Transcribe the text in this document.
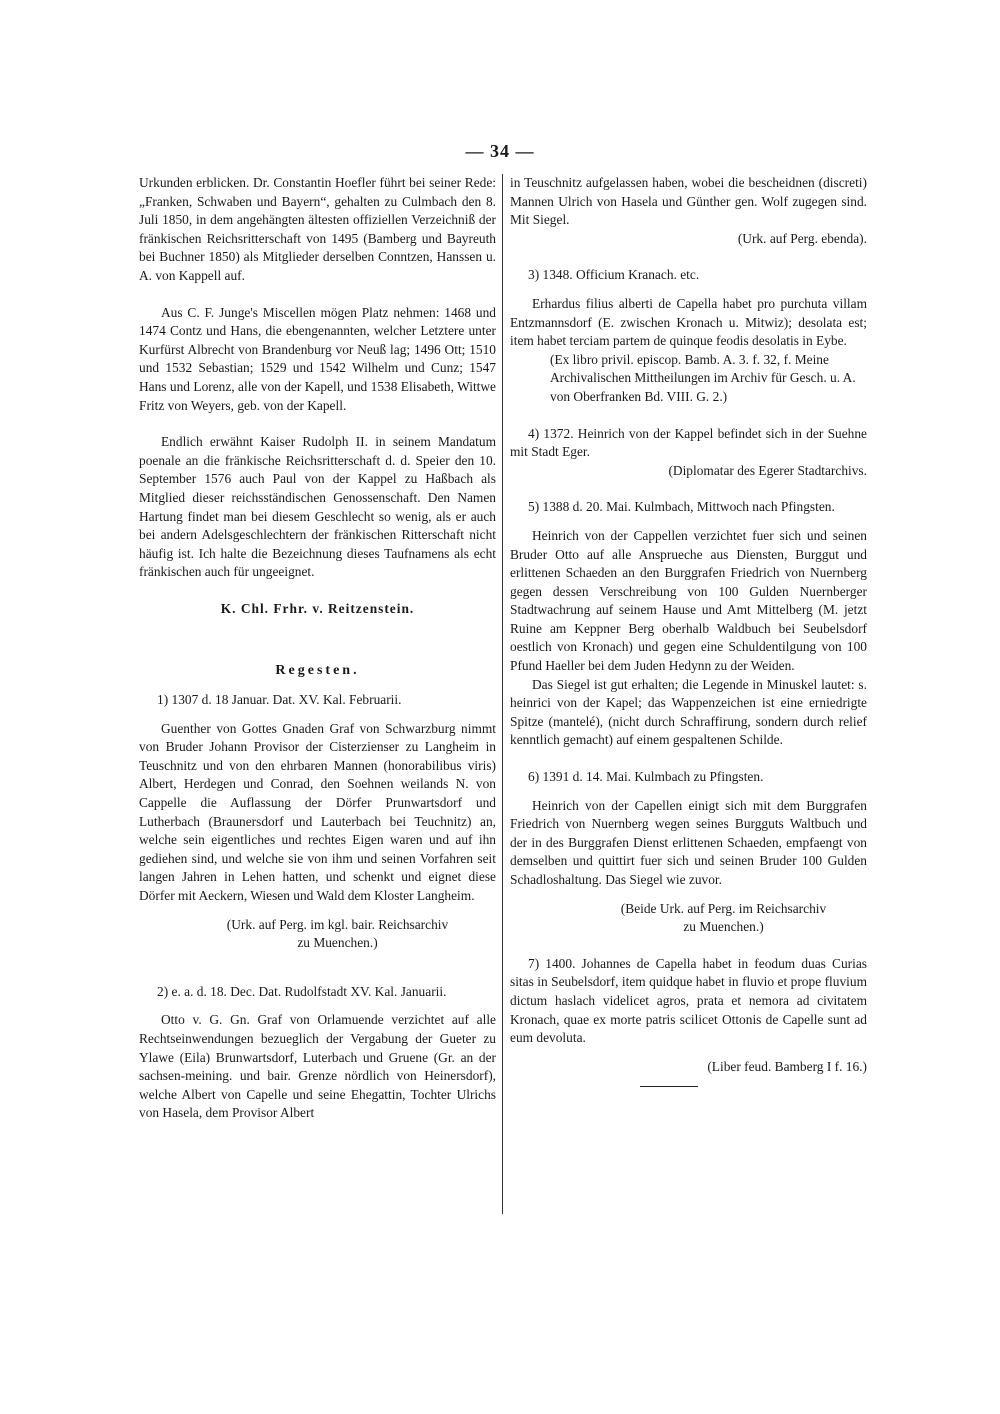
— 34 —

Urkunden erblicken. Dr. Constantin Hoefler führt bei seiner Rede: „Franken, Schwaben und Bayern“, gehalten zu Culmbach den 8. Juli 1850, in dem angehängten ältesten offiziellen Verzeichniß der fränkischen Reichsritterschaft von 1495 (Bamberg und Bayreuth bei Buchner 1850) als Mitglieder derselben Conntzen, Hanssen u. A. von Kappell auf.

Aus C. F. Junge's Miscellen mögen Platz nehmen: 1468 und 1474 Contz und Hans, die ebengenannten, welcher Letztere unter Kurfürst Albrecht von Brandenburg vor Neuß lag; 1496 Ott; 1510 und 1532 Sebastian; 1529 und 1542 Wilhelm und Cunz; 1547 Hans und Lorenz, alle von der Kapell, und 1538 Elisabeth, Wittwe Fritz von Weyers, geb. von der Kapell.

Endlich erwähnt Kaiser Rudolph II. in seinem Mandatum poenale an die fränkische Reichsritterschaft d. d. Speier den 10. September 1576 auch Paul von der Kappel zu Haßbach als Mitglied dieser reichsständischen Genossenschaft. Den Namen Hartung findet man bei diesem Geschlecht so wenig, als er auch bei andern Adelsgeschlechtern der fränkischen Ritterschaft nicht häufig ist. Ich halte die Bezeichnung dieses Taufnamens als echt fränkischen auch für ungeeignet.

K. Chl. Frhr. v. Reitzenstein.

Regesten.

1) 1307 d. 18 Januar. Dat. XV. Kal. Februarii.

Guenther von Gottes Gnaden Graf von Schwarzburg nimmt von Bruder Johann Provisor der Cisterzienser zu Langheim in Teuschnitz und von den ehrbaren Mannen (honorabilibus viris) Albert, Herdegen und Conrad, den Soehnen weilands N. von Cappelle die Auflassung der Dörfer Prunwartsdorf und Lutherbach (Braunersdorf und Lauterbach bei Teuchnitz) an, welche sein eigentliches und rechtes Eigen waren und auf ihn gediehen sind, und welche sie von ihm und seinen Vorfahren seit langen Jahren in Lehen hatten, und schenkt und eignet diese Dörfer mit Aeckern, Wiesen und Wald dem Kloster Langheim.

(Urk. auf Perg. im kgl. bair. Reichsarchiv

zu Muenchen.)

2) e. a. d. 18. Dec. Dat. Rudolfstadt XV. Kal. Januarii.

Otto v. G. Gn. Graf von Orlamuende verzichtet auf alle Rechtseinwendungen bezueglich der Vergabung der Gueter zu Ylawe (Eila) Brunwartsdorf, Luterbach und Gruene (Gr. an der sachsen-meining. und bair. Grenze nördlich von Heinersdorf), welche Albert von Capelle und seine Ehegattin, Tochter Ulrichs von Hasela, dem Provisor Albert

in Teuschnitz aufgelassen haben, wobei die bescheidnen (discreti) Mannen Ulrich von Hasela und Günther gen. Wolf zugegen sind. Mit Siegel.

(Urk. auf Perg. ebenda).

3) 1348. Officium Kranach. etc.

Erhardus filius alberti de Capella habet pro purchuta villam Entzmannsdorf (E. zwischen Kronach u. Mitwiz); desolata est; item habet terciam partem de quinque feodis desolatis in Eybe.

(Ex libro privil. episcop. Bamb. A. 3. f. 32, f. Meine Archivalischen Mittheilungen im Archiv für Gesch. u. A. von Oberfranken Bd. VIII. G. 2.)

4) 1372. Heinrich von der Kappel befindet sich in der Suehne mit Stadt Eger.

(Diplomatar des Egerer Stadtarchivs.

5) 1388 d. 20. Mai. Kulmbach, Mittwoch nach Pfingsten.

Heinrich von der Cappellen verzichtet fuer sich und seinen Bruder Otto auf alle Ansprueche aus Diensten, Burggut und erlittenen Schaeden an den Burggrafen Friedrich von Nuernberg gegen dessen Verschreibung von 100 Gulden Nuernberger Stadtwachrung auf seinem Hause und Amt Mittelberg (M. jetzt Ruine am Keppner Berg oberhalb Waldbuch bei Seubelsdorf oestlich von Kronach) und gegen eine Schuldentilgung von 100 Pfund Haeller bei dem Juden Hedynn zu der Weiden.

Das Siegel ist gut erhalten; die Legende in Minuskel lautet: s. heinrici von der Kapel; das Wappenzeichen ist eine erniedrigte Spitze (mantelé), (nicht durch Schraffirung, sondern durch relief kenntlich gemacht) auf einem gespaltenen Schilde.

6) 1391 d. 14. Mai. Kulmbach zu Pfingsten.

Heinrich von der Capellen einigt sich mit dem Burggrafen Friedrich von Nuernberg wegen seines Burgguts Waltbuch und der in des Burggrafen Dienst erlittenen Schaeden, empfaengt von demselben und quittirt fuer sich und seinen Bruder 100 Gulden Schadloshaltung. Das Siegel wie zuvor.

(Beide Urk. auf Perg. im Reichsarchiv

zu Muenchen.)

7) 1400. Johannes de Capella habet in feodum duas Curias sitas in Seubelsdorf, item quidque habet in fluvio et prope fluvium dictum haslach videlicet agros, prata et nemora ad civitatem Kronach, quae ex morte patris scilicet Ottonis de Capelle sunt ad eum devoluta.

(Liber feud. Bamberg I f. 16.)
